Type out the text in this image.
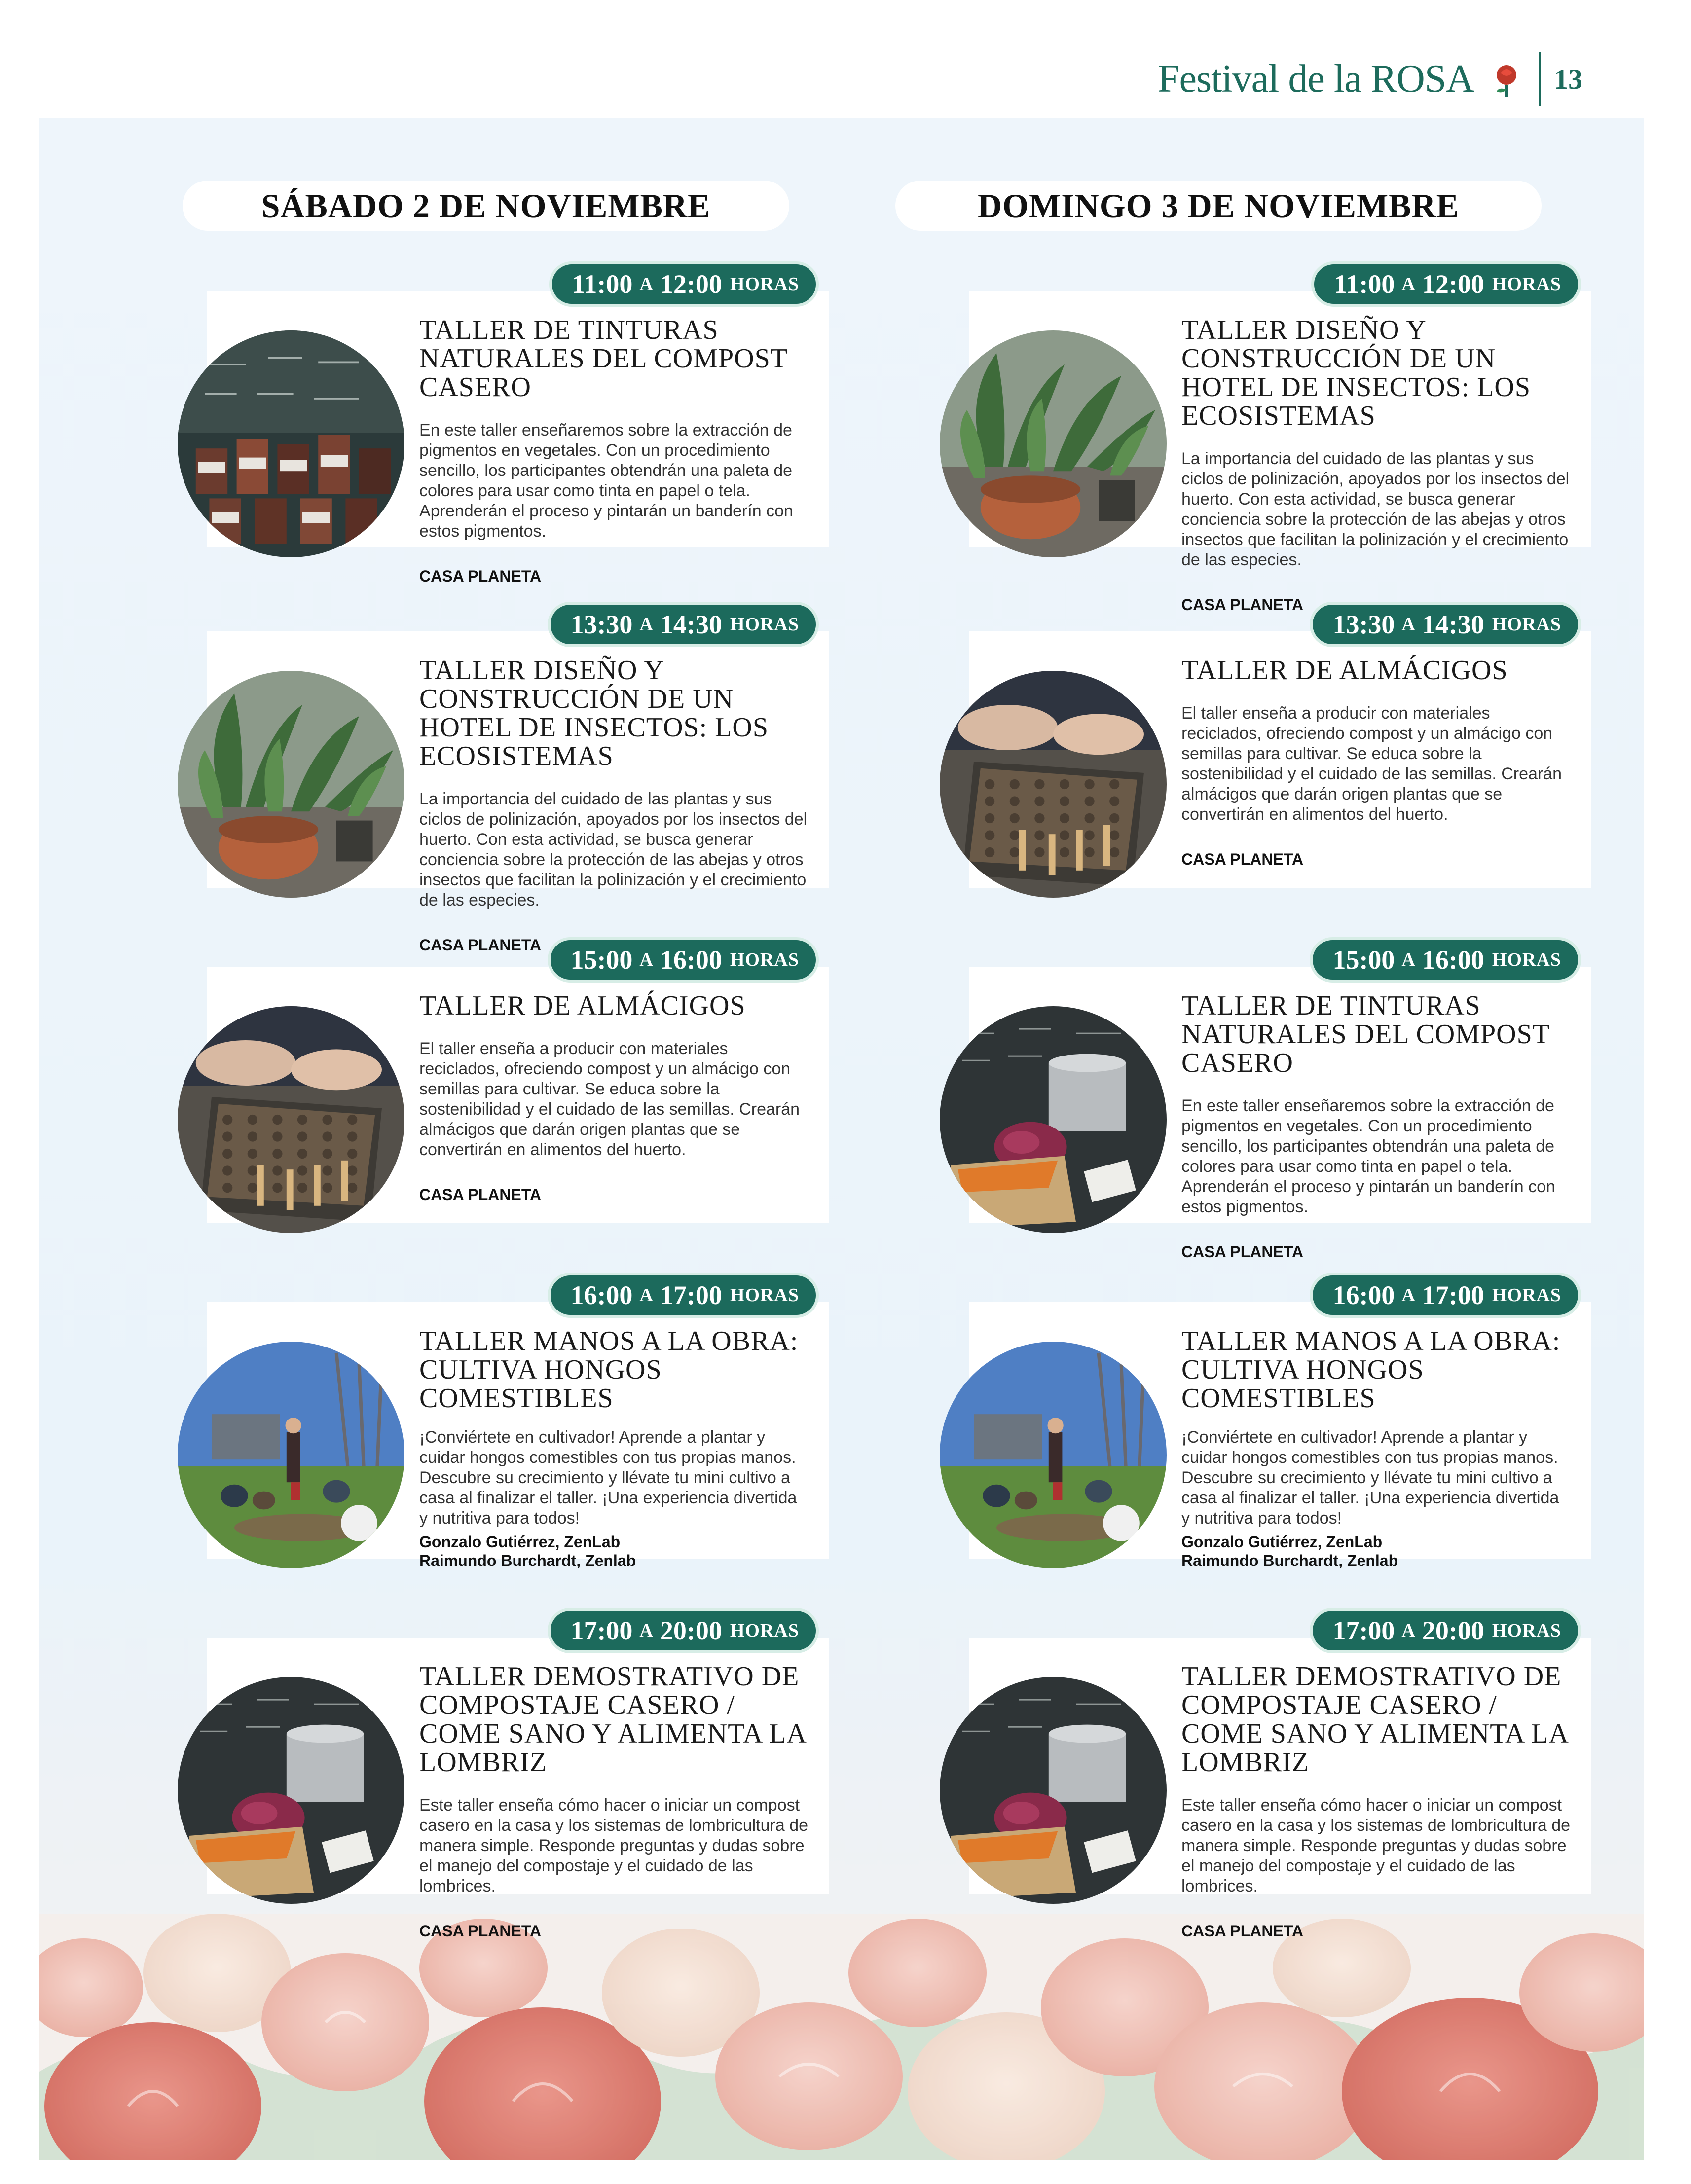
Festival de la ROSA	13
SÁBADO 2 DE NOVIEMBRE	DOMINGO 3 DE NOVIEMBRE
11:00 A 12:00 HORAS
TALLER DE TINTURAS NATURALES DEL COMPOST CASERO
En este taller enseñaremos sobre la extracción de pigmentos en vegetales. Con un procedimiento sencillo, los participantes obtendrán una paleta de colores para usar como tinta en papel o tela. Aprenderán el proceso y pintarán un banderín con estos pigmentos.
CASA PLANETA
13:30 A 14:30 HORAS
TALLER DISEÑO Y CONSTRUCCIÓN DE UN HOTEL DE INSECTOS: LOS ECOSISTEMAS
La importancia del cuidado de las plantas y sus ciclos de polinización, apoyados por los insectos del huerto. Con esta actividad, se busca generar conciencia sobre la protección de las abejas y otros insectos que facilitan la polinización y el crecimiento de las especies.
CASA PLANETA	15:00 A 16:00 HORAS
TALLER DE ALMÁCIGOS
El taller enseña a producir con materiales reciclados, ofreciendo compost y un almácigo con semillas para cultivar. Se educa sobre la sostenibilidad y el cuidado de las semillas. Crearán almácigos que darán origen plantas que se convertirán en alimentos del huerto.
CASA PLANETA
16:00 A 17:00 HORAS
TALLER MANOS A LA OBRA: CULTIVA HONGOS COMESTIBLES
¡Conviértete en cultivador! Aprende a plantar y cuidar hongos comestibles con tus propias manos. Descubre su crecimiento y llévate tu mini cultivo a casa al finalizar el taller. ¡Una experiencia divertida y nutritiva para todos!
Gonzalo Gutiérrez, ZenLab
Raimundo Burchardt, Zenlab
17:00 A 20:00 HORAS
TALLER DEMOSTRATIVO DE COMPOSTAJE CASERO / COME SANO Y ALIMENTA LA LOMBRIZ
Este taller enseña cómo hacer o iniciar un compost casero en la casa y los sistemas de lombricultura de manera simple. Responde preguntas y dudas sobre el manejo del compostaje y el cuidado de las lombrices.
CASA PLANETA
11:00 A 12:00 HORAS
TALLER DISEÑO Y CONSTRUCCIÓN DE UN HOTEL DE INSECTOS: LOS ECOSISTEMAS
La importancia del cuidado de las plantas y sus ciclos de polinización, apoyados por los insectos del huerto. Con esta actividad, se busca generar conciencia sobre la protección de las abejas y otros insectos que facilitan la polinización y el crecimiento de las especies.
CASA PLANETA
13:30 A 14:30 HORAS
TALLER DE ALMÁCIGOS
El taller enseña a producir con materiales reciclados, ofreciendo compost y un almácigo con semillas para cultivar. Se educa sobre la sostenibilidad y el cuidado de las semillas. Crearán almácigos que darán origen plantas que se convertirán en alimentos del huerto.
CASA PLANETA
15:00 A 16:00 HORAS
TALLER DE TINTURAS NATURALES DEL COMPOST CASERO
En este taller enseñaremos sobre la extracción de pigmentos en vegetales. Con un procedimiento sencillo, los participantes obtendrán una paleta de colores para usar como tinta en papel o tela. Aprenderán el proceso y pintarán un banderín con estos pigmentos.
CASA PLANETA
16:00 A 17:00 HORAS
TALLER MANOS A LA OBRA: CULTIVA HONGOS COMESTIBLES
¡Conviértete en cultivador! Aprende a plantar y cuidar hongos comestibles con tus propias manos. Descubre su crecimiento y llévate tu mini cultivo a casa al finalizar el taller. ¡Una experiencia divertida y nutritiva para todos!
Gonzalo Gutiérrez, ZenLab
Raimundo Burchardt, Zenlab
17:00 A 20:00 HORAS
TALLER DEMOSTRATIVO DE COMPOSTAJE CASERO / COME SANO Y ALIMENTA LA LOMBRIZ
Este taller enseña cómo hacer o iniciar un compost casero en la casa y los sistemas de lombricultura de manera simple. Responde preguntas y dudas sobre el manejo del compostaje y el cuidado de las lombrices.
CASA PLANETA
